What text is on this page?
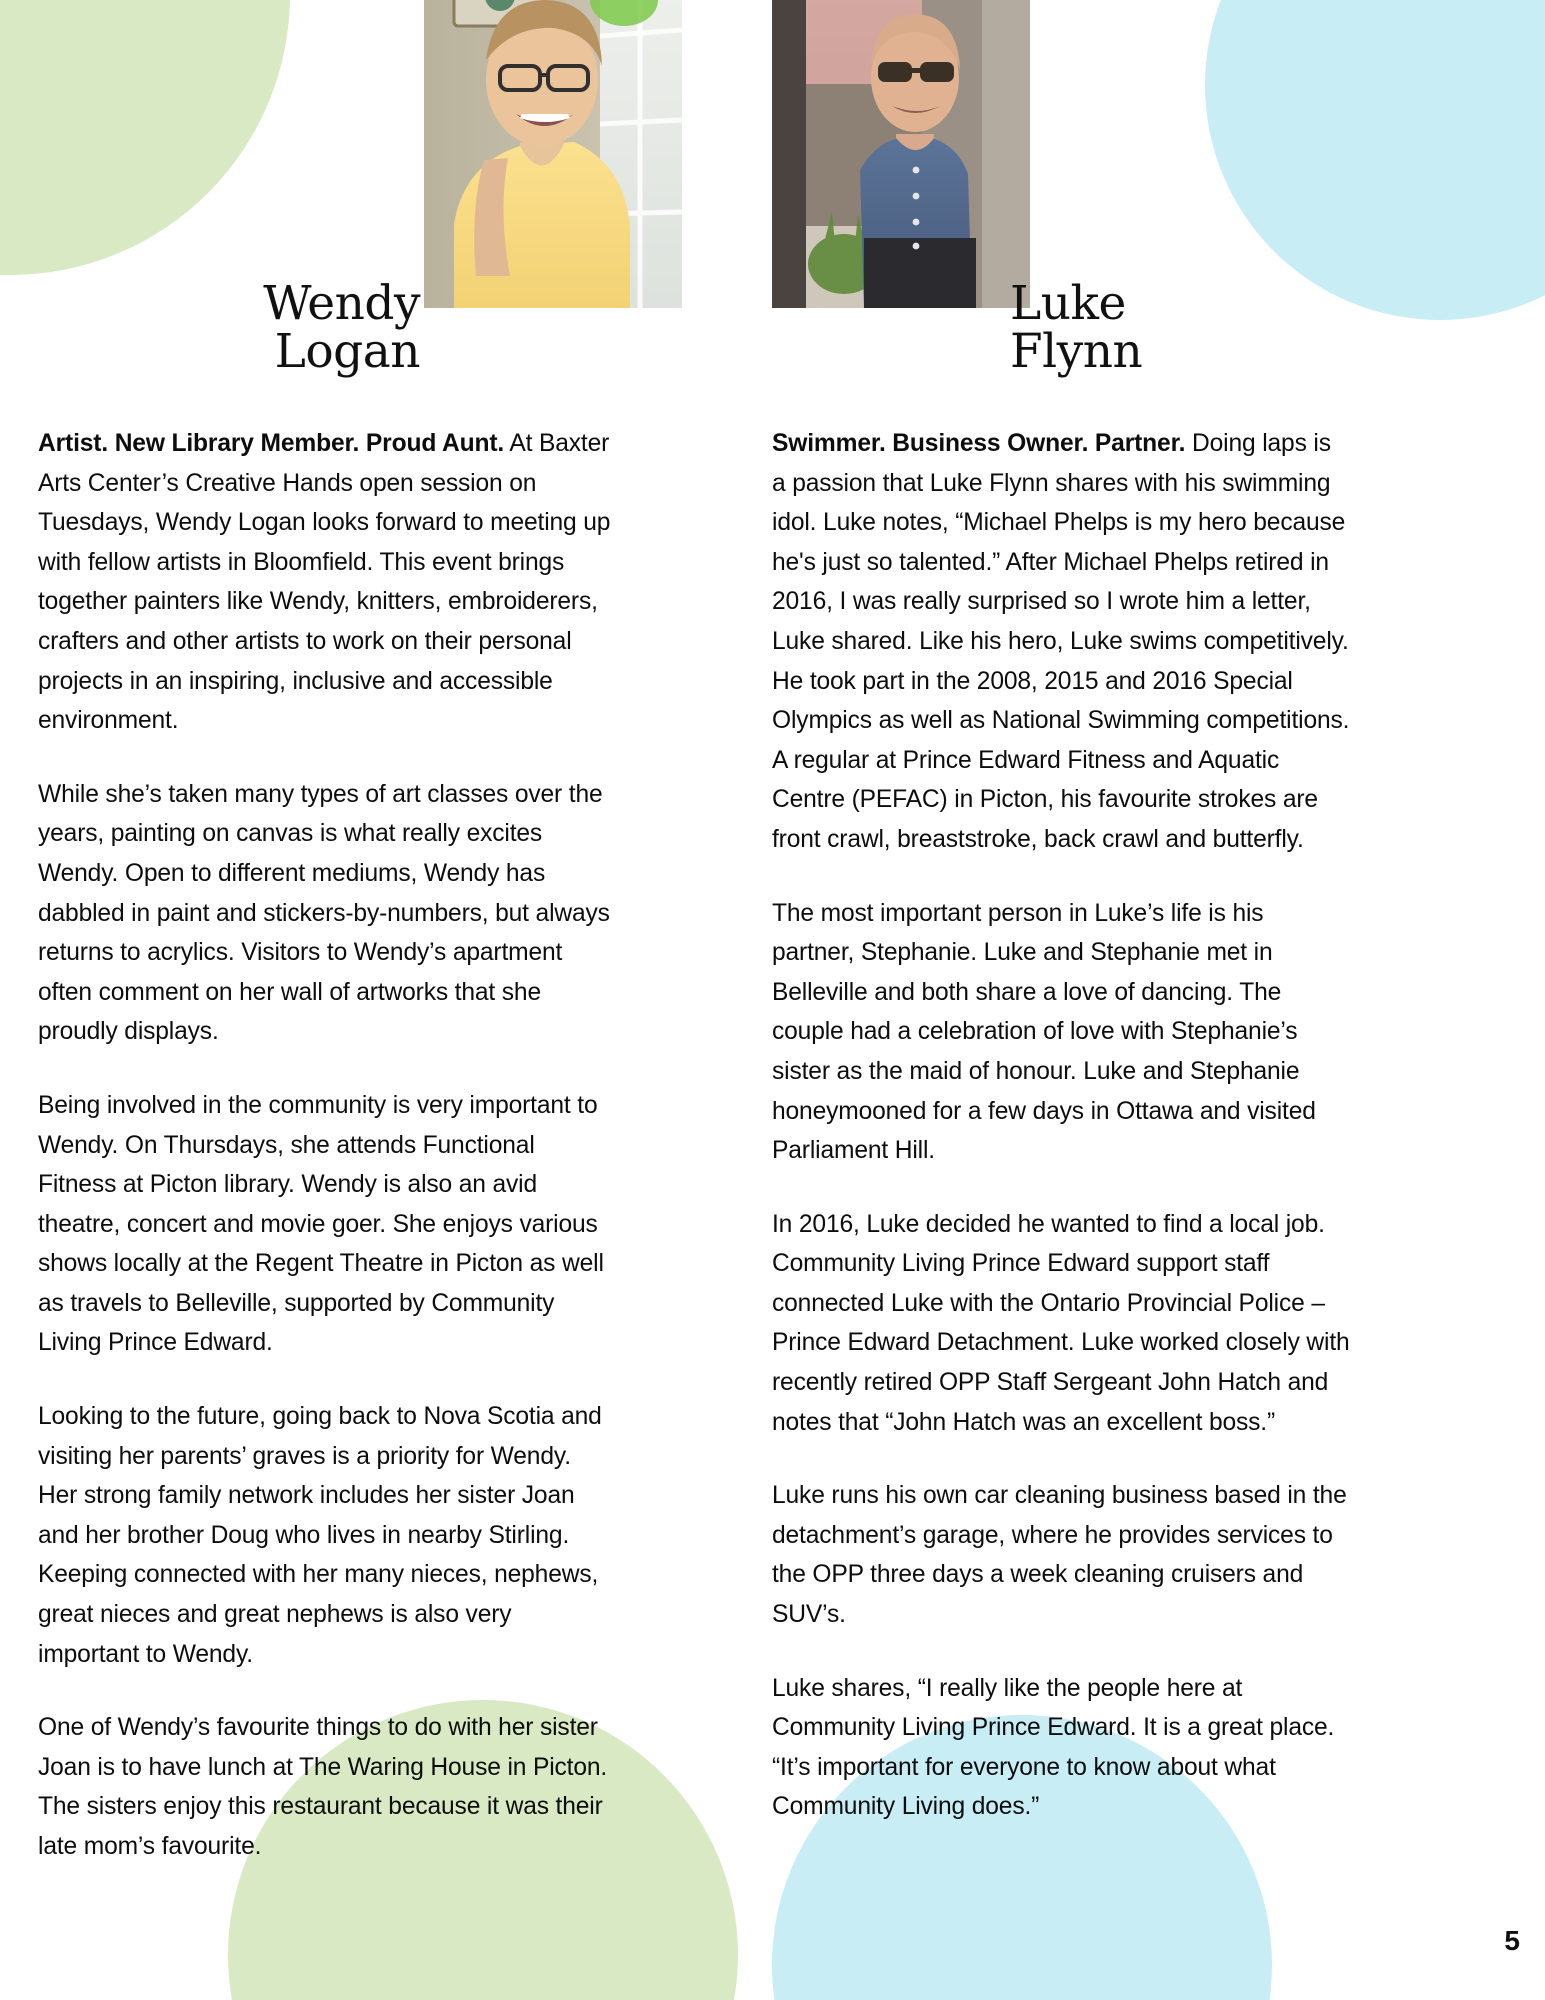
Wendy
Logan
Luke
Flynn

Artist. New Library Member. Proud Aunt. At Baxter Arts Center’s Creative Hands open session on Tuesdays, Wendy Logan looks forward to meeting up with fellow artists in Bloomfield. This event brings together painters like Wendy, knitters, embroiderers, crafters and other artists to work on their personal projects in an inspiring, inclusive and accessible environment.

While she’s taken many types of art classes over the years, painting on canvas is what really excites Wendy. Open to different mediums, Wendy has dabbled in paint and stickers-by-numbers, but always returns to acrylics. Visitors to Wendy’s apartment often comment on her wall of artworks that she proudly displays.

Being involved in the community is very important to Wendy. On Thursdays, she attends Functional Fitness at Picton library. Wendy is also an avid theatre, concert and movie goer. She enjoys various shows locally at the Regent Theatre in Picton as well as travels to Belleville, supported by Community Living Prince Edward.

Looking to the future, going back to Nova Scotia and visiting her parents’ graves is a priority for Wendy. Her strong family network includes her sister Joan and her brother Doug who lives in nearby Stirling. Keeping connected with her many nieces, nephews, great nieces and great nephews is also very important to Wendy.

One of Wendy’s favourite things to do with her sister Joan is to have lunch at The Waring House in Picton. The sisters enjoy this restaurant because it was their late mom’s favourite.

Swimmer. Business Owner. Partner. Doing laps is a passion that Luke Flynn shares with his swimming idol. Luke notes, “Michael Phelps is my hero because he's just so talented.” After Michael Phelps retired in 2016, I was really surprised so I wrote him a letter, Luke shared. Like his hero, Luke swims competitively. He took part in the 2008, 2015 and 2016 Special Olympics as well as National Swimming competitions. A regular at Prince Edward Fitness and Aquatic Centre (PEFAC) in Picton, his favourite strokes are front crawl, breaststroke, back crawl and butterfly.

The most important person in Luke’s life is his partner, Stephanie. Luke and Stephanie met in Belleville and both share a love of dancing. The couple had a celebration of love with Stephanie’s sister as the maid of honour. Luke and Stephanie honeymooned for a few days in Ottawa and visited Parliament Hill.

In 2016, Luke decided he wanted to find a local job. Community Living Prince Edward support staff connected Luke with the Ontario Provincial Police – Prince Edward Detachment. Luke worked closely with recently retired OPP Staff Sergeant John Hatch and notes that “John Hatch was an excellent boss.”

Luke runs his own car cleaning business based in the detachment’s garage, where he provides services to the OPP three days a week cleaning cruisers and SUV’s.

Luke shares, “I really like the people here at Community Living Prince Edward. It is a great place. “It’s important for everyone to know about what Community Living does.”

5
